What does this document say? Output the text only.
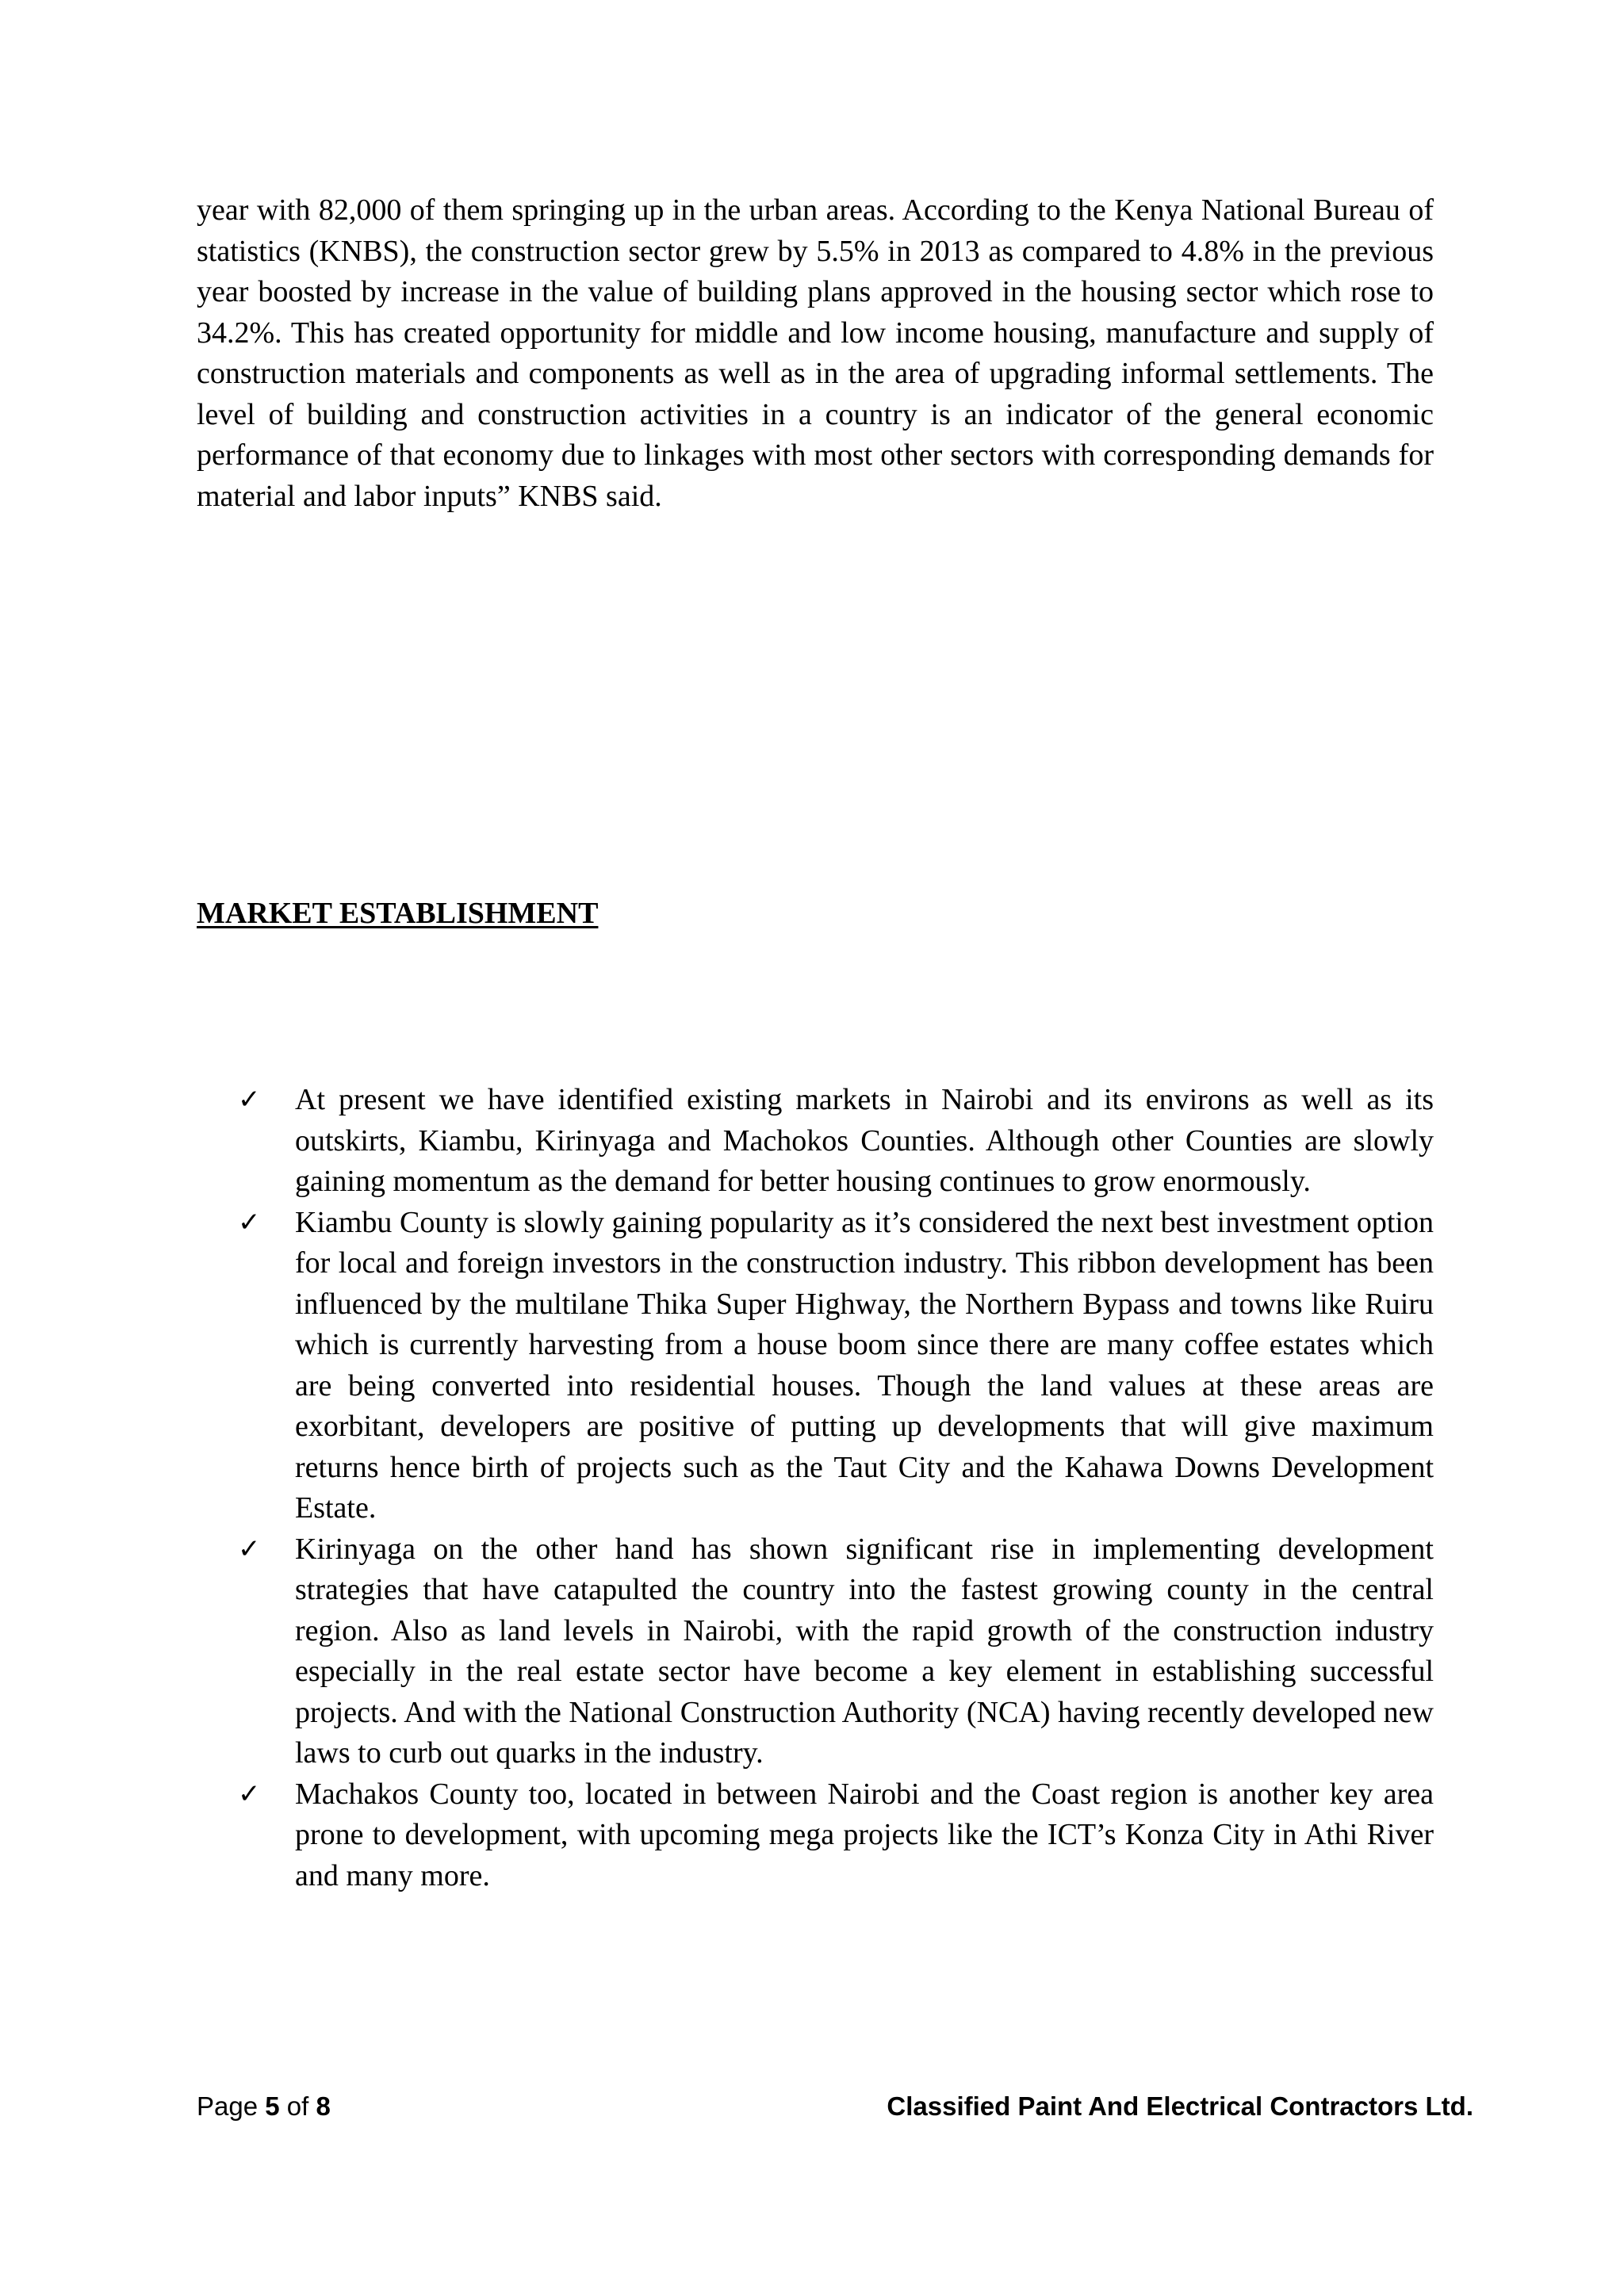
year with 82,000 of them springing up in the urban areas. According to the Kenya National Bureau of statistics (KNBS), the construction sector grew by 5.5% in 2013 as compared to 4.8% in the previous year boosted by increase in the value of building plans approved in the housing sector which rose to 34.2%. This has created opportunity for middle and low income housing, manufacture and supply of construction materials and components as well as in the area of upgrading informal settlements. The level of building and construction activities in a country is an indicator of the general economic performance of that economy due to linkages with most other sectors with corresponding demands for material and labor inputs” KNBS said.

MARKET ESTABLISHMENT
✓	At present we have identified existing markets in Nairobi and its environs as well as its outskirts, Kiambu, Kirinyaga and Machokos Counties. Although other Counties are slowly gaining momentum as the demand for better housing continues to grow enormously.
✓	Kiambu County is slowly gaining popularity as it’s considered the next best investment option for local and foreign investors in the construction industry. This ribbon development has been influenced by the multilane Thika Super Highway, the Northern Bypass and towns like Ruiru which is currently harvesting from a house boom since there are many coffee estates which are being converted into residential houses. Though the land values at these areas are exorbitant, developers are positive of putting up developments that will give maximum returns hence birth of projects such as the Taut City and the Kahawa Downs Development Estate.
✓	Kirinyaga on the other hand has shown significant rise in implementing development strategies that have catapulted the country into the fastest growing county in the central region. Also as land levels in Nairobi, with the rapid growth of the construction industry especially in the real estate sector have become a key element in establishing successful projects. And with the National Construction Authority (NCA) having recently developed new laws to curb out quarks in the industry.
✓	Machakos County too, located in between Nairobi and the Coast region is another key area prone to development, with upcoming mega projects like the ICT’s Konza City in Athi River and many more.
Page 5 of 8	Classified Paint And Electrical Contractors Ltd.
